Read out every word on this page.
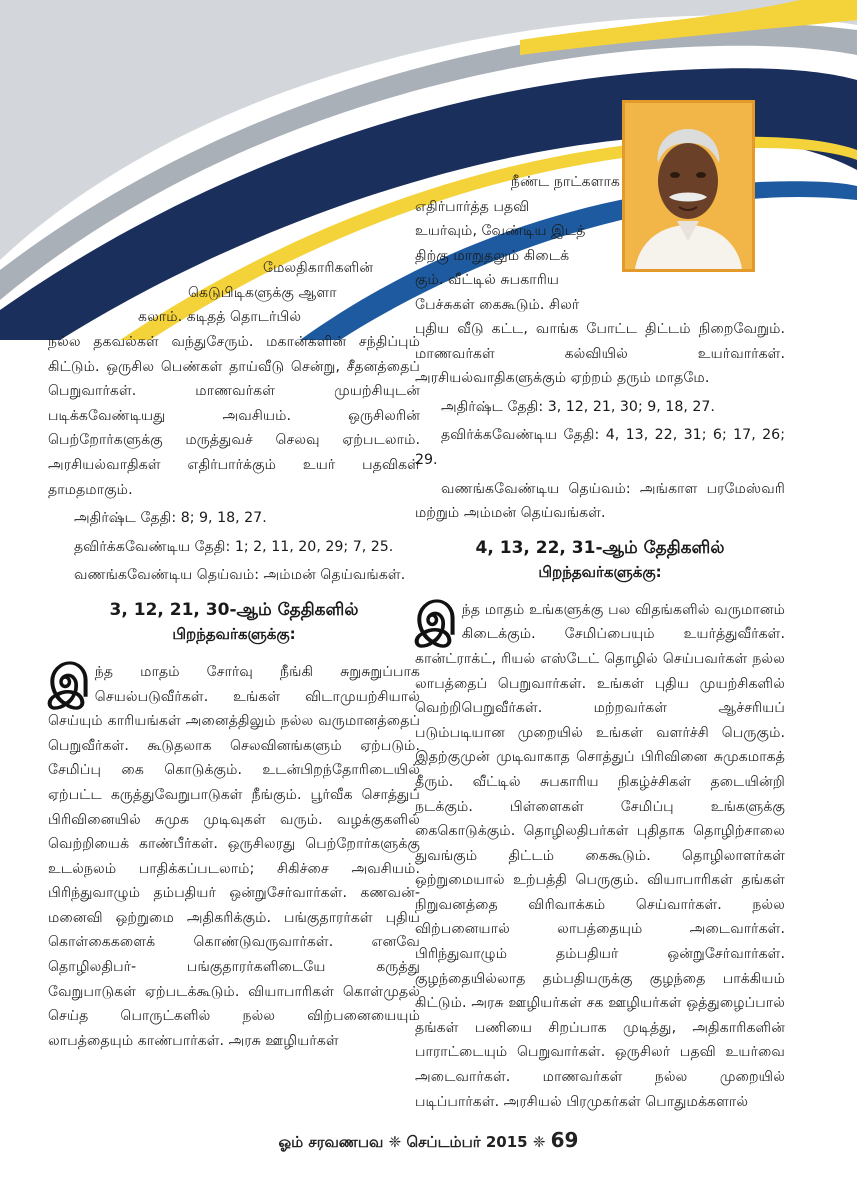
நீண்ட நாட்களாக

எதிர்பார்த்த பதவி

உயர்வும், வேண்டிய இடத்

திற்கு மாறுதலும் கிடைக்

கும். வீட்டில் சுபகாரிய

பேச்சுகள் கைகூடும். சிலர்

புதிய வீடு கட்ட, வாங்க போட்ட திட்டம் நிறைவேறும். மாணவர்கள் கல்வியில் உயர்வார்கள். அரசியல்வாதிகளுக்கும் ஏற்றம் தரும் மாதமே.

அதிர்ஷ்ட தேதி: 3, 12, 21, 30; 9, 18, 27.

தவிர்க்கவேண்டிய தேதி: 4, 13, 22, 31; 6; 17, 26; 29.

வணங்கவேண்டிய தெய்வம்: அங்காள பரமேஸ்வரி மற்றும் அம்மன் தெய்வங்கள்.

4, 13, 22, 31-ஆம் தேதிகளில்
பிறந்தவர்களுக்கு:

இந்த மாதம் உங்களுக்கு பல விதங்களில் வருமானம் கிடைக்கும். சேமிப்பையும் உயர்த்துவீர்கள். கான்ட்ராக்ட், ரியல் எஸ்டேட் தொழில் செய்பவர்கள் நல்ல லாபத்தைப் பெறுவார்கள். உங்கள் புதிய முயற்சிகளில் வெற்றிபெறுவீர்கள். மற்றவர்கள் ஆச்சரியப் படும்படியான முறையில் உங்கள் வளர்ச்சி பெருகும். இதற்குமுன் முடிவாகாத சொத்துப் பிரிவினை சுமுகமாகத் தீரும். வீட்டில் சுபகாரிய நிகழ்ச்சிகள் தடையின்றி நடக்கும். பிள்ளைகள் சேமிப்பு உங்களுக்கு கைகொடுக்கும். தொழிலதிபர்கள் புதிதாக தொழிற்சாலை துவங்கும் திட்டம் கைகூடும். தொழிலாளர்கள் ஒற்றுமையால் உற்பத்தி பெருகும். வியாபாரிகள் தங்கள் நிறுவனத்தை விரிவாக்கம் செய்வார்கள். நல்ல விற்பனையால் லாபத்தையும் அடைவார்கள். பிரிந்துவாழும் தம்பதியர் ஒன்றுசேர்வார்கள். குழந்தையில்லாத தம்பதியருக்கு குழந்தை பாக்கியம் கிட்டும். அரசு ஊழியர்கள் சக ஊழியர்கள் ஒத்துழைப்பால் தங்கள் பணியை சிறப்பாக முடித்து, அதிகாரிகளின் பாராட்டையும் பெறுவார்கள். ஒருசிலர் பதவி உயர்வை அடைவார்கள். மாணவர்கள் நல்ல முறையில் படிப்பார்கள். அரசியல் பிரமுகர்கள் பொதுமக்களால்

மேலதிகாரிகளின்

கெடுபிடிகளுக்கு ஆளா

கலாம். கடிதத் தொடர்பில்

நல்ல தகவல்கள் வந்துசேரும். மகான்களின் சந்திப்பும் கிட்டும். ஒருசில பெண்கள் தாய்வீடு சென்று, சீதனத்தைப் பெறுவார்கள். மாணவர்கள் முயற்சியுடன் படிக்கவேண்டியது அவசியம். ஒருசிலரின் பெற்றோர்களுக்கு மருத்துவச் செலவு ஏற்படலாம். அரசியல்வாதிகள் எதிர்பார்க்கும் உயர் பதவிகள் தாமதமாகும்.

அதிர்ஷ்ட தேதி: 8; 9, 18, 27.

தவிர்க்கவேண்டிய தேதி: 1; 2, 11, 20, 29; 7, 25.

வணங்கவேண்டிய தெய்வம்: அம்மன் தெய்வங்கள்.

3, 12, 21, 30-ஆம் தேதிகளில்
பிறந்தவர்களுக்கு:

இந்த மாதம் சோர்வு நீங்கி சுறுசுறுப்பாக செயல்படுவீர்கள். உங்கள் விடாமுயற்சியால் செய்யும் காரியங்கள் அனைத்திலும் நல்ல வருமானத்தைப் பெறுவீர்கள். கூடுதலாக செலவினங்களும் ஏற்படும். சேமிப்பு கை கொடுக்கும். உடன்பிறந்தோரிடையில் ஏற்பட்ட கருத்துவேறுபாடுகள் நீங்கும். பூர்வீக சொத்துப் பிரிவினையில் சுமுக முடிவுகள் வரும். வழக்குகளில் வெற்றியைக் காண்பீர்கள். ஒருசிலரது பெற்றோர்களுக்கு உடல்நலம் பாதிக்கப்படலாம்; சிகிச்சை அவசியம். பிரிந்துவாழும் தம்பதியர் ஒன்றுசேர்வார்கள். கணவன்- மனைவி ஒற்றுமை அதிகரிக்கும். பங்குதாரர்கள் புதிய கொள்கைகளைக் கொண்டுவருவார்கள். எனவே தொழிலதிபர்- பங்குதாரர்களிடையே கருத்து வேறுபாடுகள் ஏற்படக்கூடும். வியாபாரிகள் கொள்முதல் செய்த பொருட்களில் நல்ல விற்பனையையும் லாபத்தையும் காண்பார்கள். அரசு ஊழியர்கள்

ஓம் சரவணபவ ❈ செப்டம்பர் 2015 ❈ 69
